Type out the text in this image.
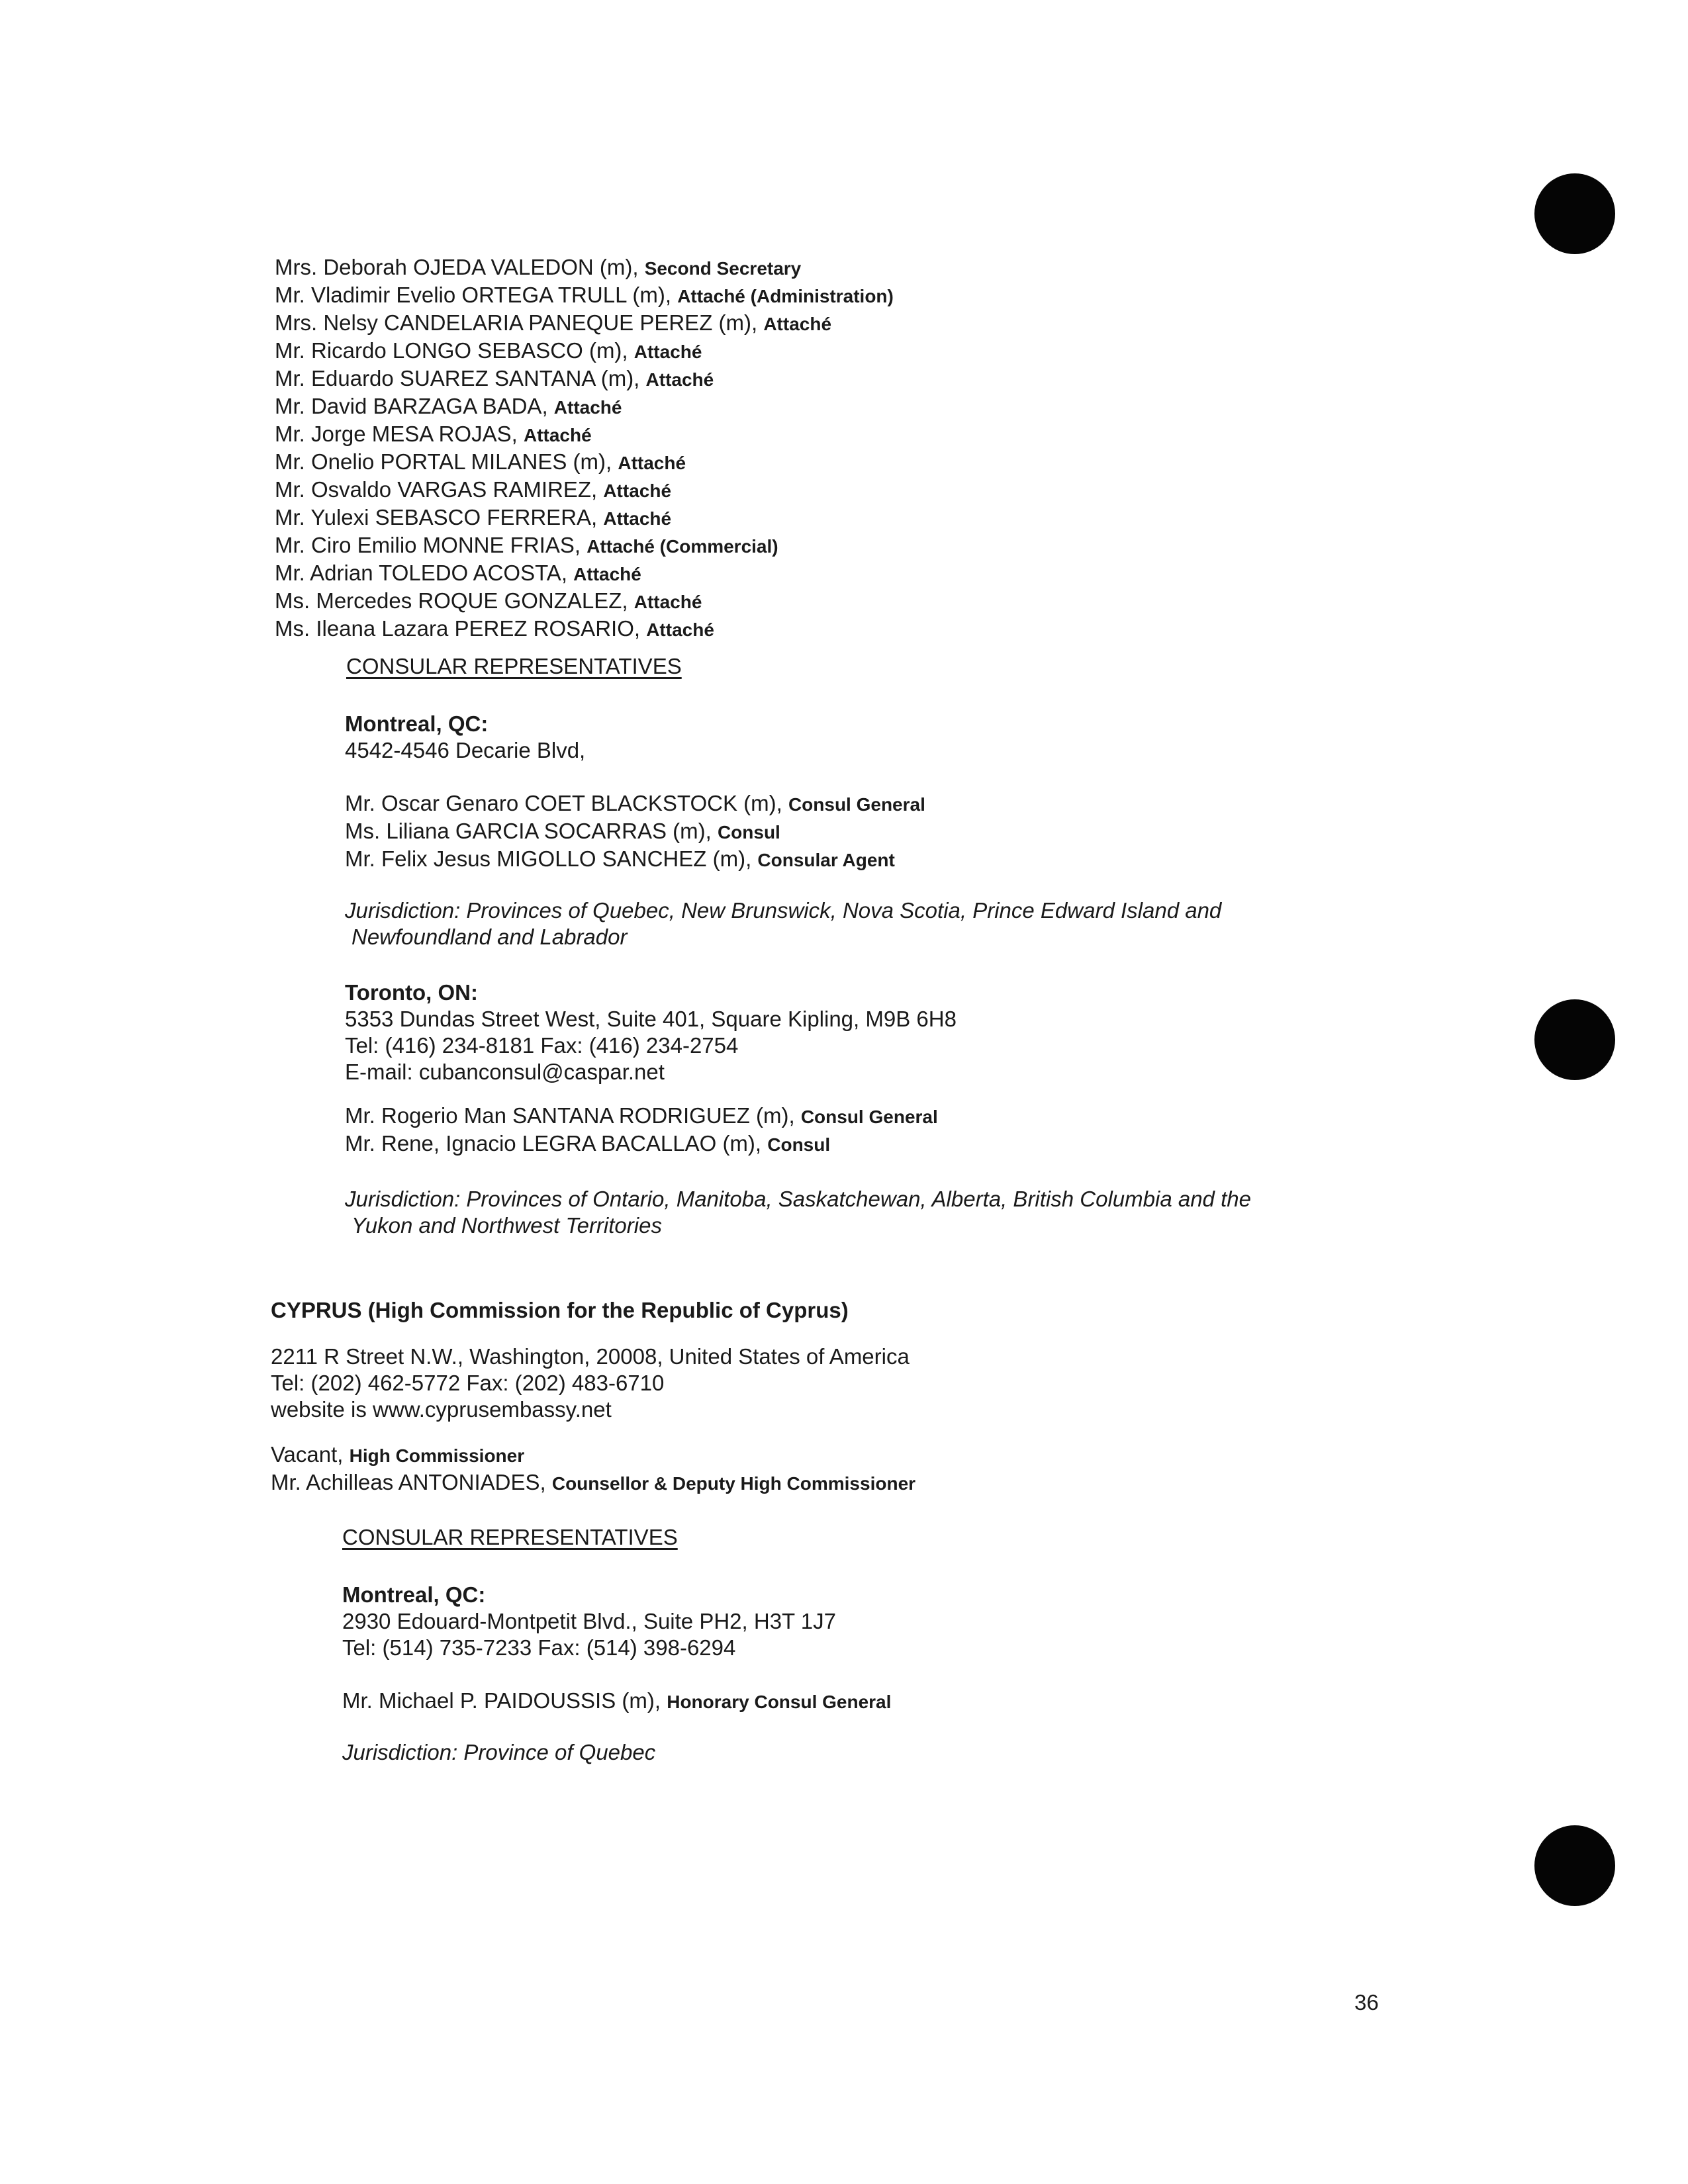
Mrs. Deborah OJEDA VALEDON (m), Second Secretary
Mr. Vladimir Evelio ORTEGA TRULL (m), Attaché (Administration)
Mrs. Nelsy CANDELARIA PANEQUE PEREZ (m), Attaché
Mr. Ricardo LONGO SEBASCO (m), Attaché
Mr. Eduardo SUAREZ SANTANA (m), Attaché
Mr. David BARZAGA BADA, Attaché
Mr. Jorge MESA ROJAS, Attaché
Mr. Onelio PORTAL MILANES (m), Attaché
Mr. Osvaldo VARGAS RAMIREZ, Attaché
Mr. Yulexi SEBASCO FERRERA, Attaché
Mr. Ciro Emilio MONNE FRIAS, Attaché (Commercial)
Mr. Adrian TOLEDO ACOSTA, Attaché
Ms. Mercedes ROQUE GONZALEZ, Attaché
Ms. Ileana Lazara PEREZ ROSARIO, Attaché
CONSULAR REPRESENTATIVES
Montreal, QC:
4542-4546 Decarie Blvd,
Mr. Oscar Genaro COET BLACKSTOCK (m), Consul General
Ms. Liliana GARCIA SOCARRAS (m), Consul
Mr. Felix Jesus MIGOLLO SANCHEZ (m), Consular Agent
Jurisdiction: Provinces of Quebec, New Brunswick, Nova Scotia, Prince Edward Island and
Newfoundland and Labrador
Toronto, ON:
5353 Dundas Street West, Suite 401, Square Kipling, M9B 6H8
Tel: (416) 234-8181 Fax: (416) 234-2754
E-mail: cubanconsul@caspar.net
Mr. Rogerio Man SANTANA RODRIGUEZ (m), Consul General
Mr. Rene, Ignacio LEGRA BACALLAO (m), Consul
Jurisdiction: Provinces of Ontario, Manitoba, Saskatchewan, Alberta, British Columbia and the
Yukon and Northwest Territories
CYPRUS (High Commission for the Republic of Cyprus)
2211 R Street N.W., Washington, 20008, United States of America
Tel: (202) 462-5772 Fax: (202) 483-6710
website is www.cyprusembassy.net
Vacant, High Commissioner
Mr. Achilleas ANTONIADES, Counsellor & Deputy High Commissioner
CONSULAR REPRESENTATIVES
Montreal, QC:
2930 Edouard-Montpetit Blvd., Suite PH2, H3T 1J7
Tel: (514) 735-7233 Fax: (514) 398-6294
Mr. Michael P. PAIDOUSSIS (m), Honorary Consul General
Jurisdiction: Province of Quebec
36
